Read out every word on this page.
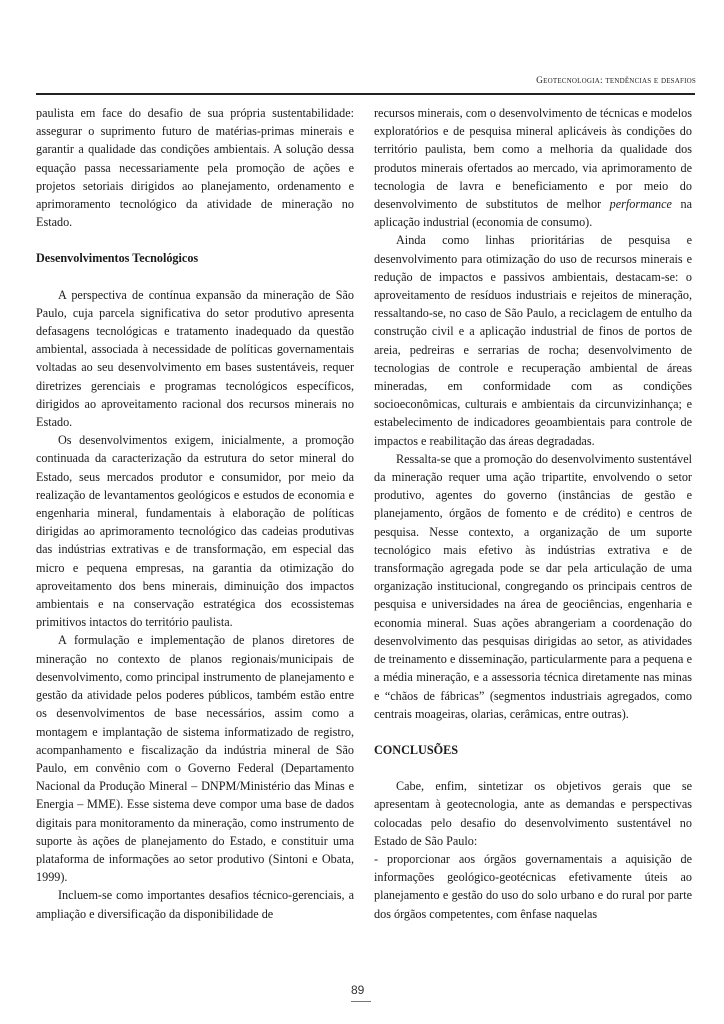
Geotecnologia: tendências e desafios

paulista em face do desafio de sua própria sustentabilidade: assegurar o suprimento futuro de matérias-primas minerais e garantir a qualidade das condições ambientais. A solução dessa equação passa necessariamente pela promoção de ações e projetos setoriais dirigidos ao planejamento, ordenamento e aprimoramento tecnológico da atividade de mineração no Estado.

Desenvolvimentos Tecnológicos

A perspectiva de contínua expansão da mineração de São Paulo, cuja parcela significativa do setor produtivo apresenta defasagens tecnológicas e tratamento inadequado da questão ambiental, associada à necessidade de políticas governamentais voltadas ao seu desenvolvimento em bases sustentáveis, requer diretrizes gerenciais e programas tecnológicos específicos, dirigidos ao aproveitamento racional dos recursos minerais no Estado.

Os desenvolvimentos exigem, inicialmente, a promoção continuada da caracterização da estrutura do setor mineral do Estado, seus mercados produtor e consumidor, por meio da realização de levantamentos geológicos e estudos de economia e engenharia mineral, fundamentais à elaboração de políticas dirigidas ao aprimoramento tecnológico das cadeias produtivas das indústrias extrativas e de transformação, em especial das micro e pequena empresas, na garantia da otimização do aproveitamento dos bens minerais, diminuição dos impactos ambientais e na conservação estratégica dos ecossistemas primitivos intactos do território paulista.

A formulação e implementação de planos diretores de mineração no contexto de planos regionais/municipais de desenvolvimento, como principal instrumento de planejamento e gestão da atividade pelos poderes públicos, também estão entre os desenvolvimentos de base necessários, assim como a montagem e implantação de sistema informatizado de registro, acompanhamento e fiscalização da indústria mineral de São Paulo, em convênio com o Governo Federal (Departamento Nacional da Produção Mineral – DNPM/Ministério das Minas e Energia – MME). Esse sistema deve compor uma base de dados digitais para monitoramento da mineração, como instrumento de suporte às ações de planejamento do Estado, e constituir uma plataforma de informações ao setor produtivo (Sintoni e Obata, 1999).

Incluem-se como importantes desafios técnico-gerenciais, a ampliação e diversificação da disponibilidade de

recursos minerais, com o desenvolvimento de técnicas e modelos exploratórios e de pesquisa mineral aplicáveis às condições do território paulista, bem como a melhoria da qualidade dos produtos minerais ofertados ao mercado, via aprimoramento de tecnologia de lavra e beneficiamento e por meio do desenvolvimento de substitutos de melhor performance na aplicação industrial (economia de consumo).

Ainda como linhas prioritárias de pesquisa e desenvolvimento para otimização do uso de recursos minerais e redução de impactos e passivos ambientais, destacam-se: o aproveitamento de resíduos industriais e rejeitos de mineração, ressaltando-se, no caso de São Paulo, a reciclagem de entulho da construção civil e a aplicação industrial de finos de portos de areia, pedreiras e serrarias de rocha; desenvolvimento de tecnologias de controle e recuperação ambiental de áreas mineradas, em conformidade com as condições socioeconômicas, culturais e ambientais da circunvizinhança; e estabelecimento de indicadores geoambientais para controle de impactos e reabilitação das áreas degradadas.

Ressalta-se que a promoção do desenvolvimento sustentável da mineração requer uma ação tripartite, envolvendo o setor produtivo, agentes do governo (instâncias de gestão e planejamento, órgãos de fomento e de crédito) e centros de pesquisa. Nesse contexto, a organização de um suporte tecnológico mais efetivo às indústrias extrativa e de transformação agregada pode se dar pela articulação de uma organização institucional, congregando os principais centros de pesquisa e universidades na área de geociências, engenharia e economia mineral. Suas ações abrangeriam a coordenação do desenvolvimento das pesquisas dirigidas ao setor, as atividades de treinamento e disseminação, particularmente para a pequena e a média mineração, e a assessoria técnica diretamente nas minas e “chãos de fábricas” (segmentos industriais agregados, como centrais moageiras, olarias, cerâmicas, entre outras).

CONCLUSÕES

Cabe, enfim, sintetizar os objetivos gerais que se apresentam à geotecnologia, ante as demandas e perspectivas colocadas pelo desafio do desenvolvimento sustentável no Estado de São Paulo:

- proporcionar aos órgãos governamentais a aquisição de informações geológico-geotécnicas efetivamente úteis ao planejamento e gestão do uso do solo urbano e do rural por parte dos órgãos competentes, com ênfase naquelas

89
